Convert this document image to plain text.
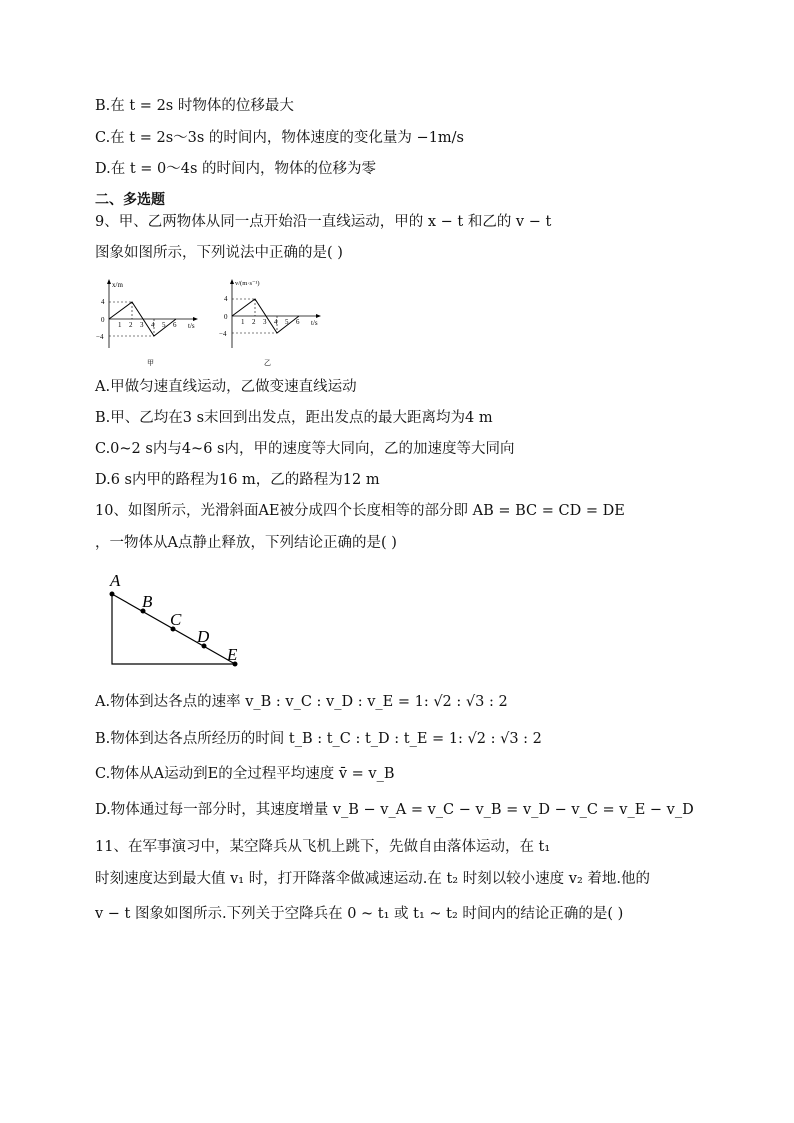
B.在 t = 2s 时物体的位移最大
C.在 t = 2s～3s 的时间内，物体速度的变化量为 −1m/s
D.在 t = 0～4s 的时间内，物体的位移为零
二、多选题
9、甲、乙两物体从同一点开始沿一直线运动，甲的 x − t 和乙的 v − t
图象如图所示，下列说法中正确的是( )
x/m
t/s
4
0
−4
1 2 3 4 5 6
甲
v/(m·s⁻¹)
t/s
4
0
−4
1 2 3 4 5 6
乙
A.甲做匀速直线运动，乙做变速直线运动
B.甲、乙均在3 s末回到出发点，距出发点的最大距离均为4 m
C.0~2 s内与4~6 s内，甲的速度等大同向，乙的加速度等大同向
D.6 s内甲的路程为16 m，乙的路程为12 m
10、如图所示，光滑斜面AE被分成四个长度相等的部分即 AB = BC = CD = DE
，一物体从A点静止释放，下列结论正确的是( )
A
B
C
D
E
A.物体到达各点的速率 v_B : v_C : v_D : v_E = 1: √2 : √3 : 2
B.物体到达各点所经历的时间 t_B : t_C : t_D : t_E = 1: √2 : √3 : 2
C.物体从A运动到E的全过程平均速度 v̄ = v_B
D.物体通过每一部分时，其速度增量 v_B − v_A = v_C − v_B = v_D − v_C = v_E − v_D
11、在军事演习中，某空降兵从飞机上跳下，先做自由落体运动，在 t₁
时刻速度达到最大值 v₁ 时，打开降落伞做减速运动.在 t₂ 时刻以较小速度 v₂ 着地.他的
v − t 图象如图所示.下列关于空降兵在 0 ~ t₁ 或 t₁ ~ t₂ 时间内的结论正确的是( )
